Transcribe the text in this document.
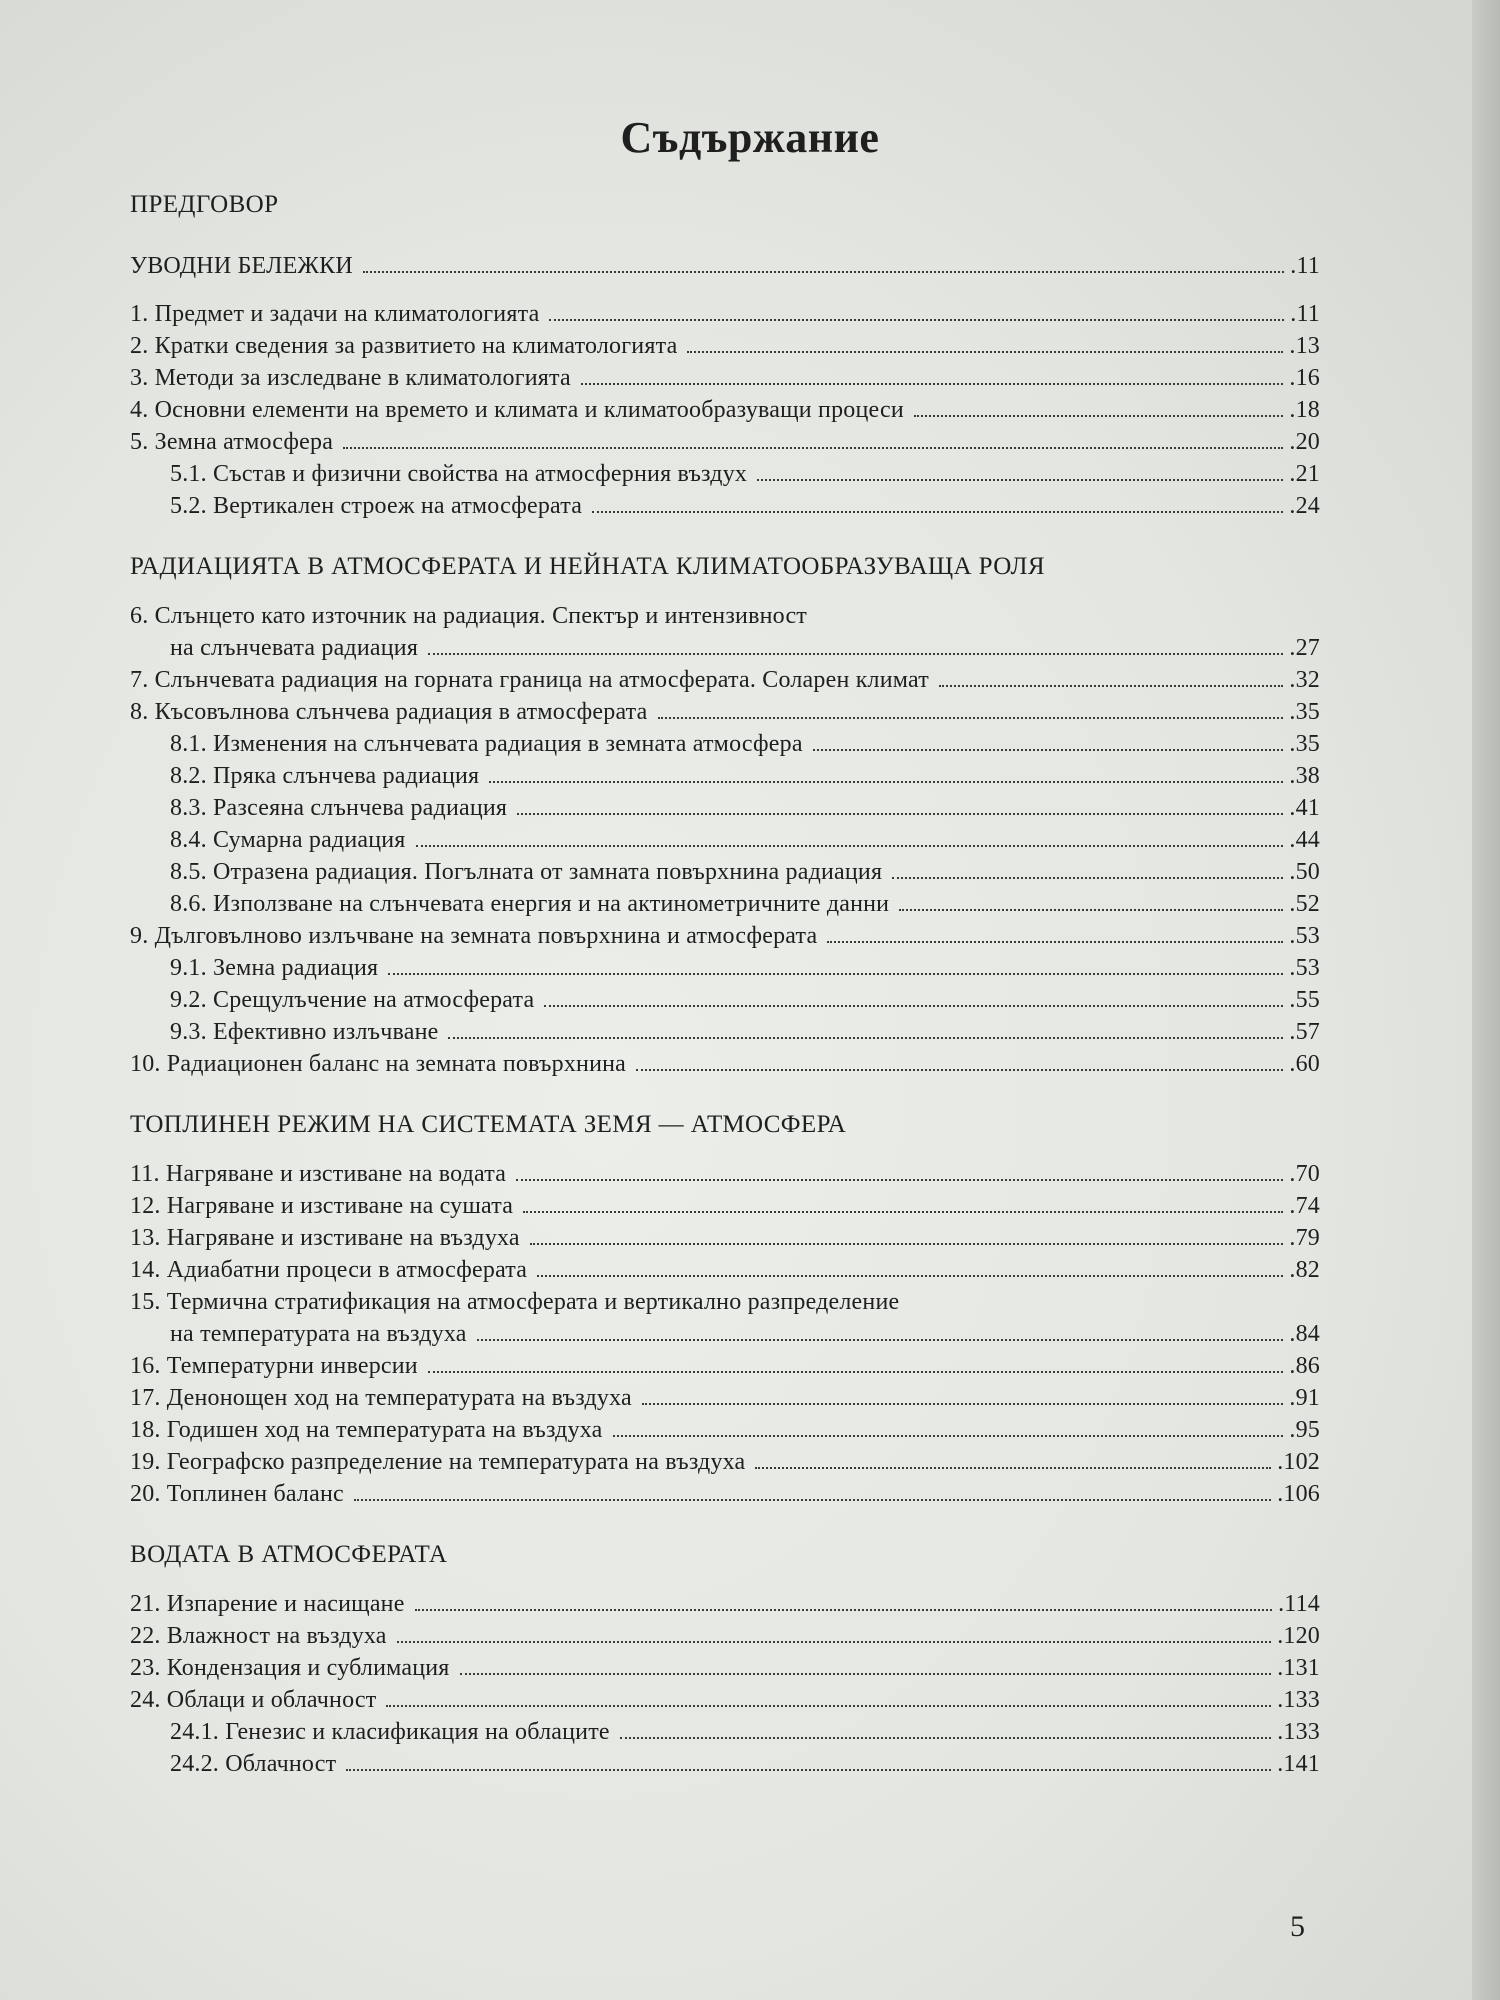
Съдържание
ПРЕДГОВОР
УВОДНИ БЕЛЕЖКИ	.11
1. Предмет и задачи на климатологията	.11
2. Кратки сведения за развитието на климатологията	.13
3. Методи за изследване в климатологията	.16
4. Основни елементи на времето и климата и климатообразуващи процеси	.18
5. Земна атмосфера	.20
5.1. Състав и физични свойства на атмосферния въздух	.21
5.2. Вертикален строеж на атмосферата	.24
РАДИАЦИЯТА В АТМОСФЕРАТА И НЕЙНАТА КЛИМАТООБРАЗУВАЩА РОЛЯ
6. Слънцето като източник на радиация. Спектър и интензивност
на слънчевата радиация	.27
7. Слънчевата радиация на горната граница на атмосферата. Соларен климат	.32
8. Късовълнова слънчева радиация в атмосферата	.35
8.1. Изменения на слънчевата радиация в земната атмосфера	.35
8.2. Пряка слънчева радиация	.38
8.3. Разсеяна слънчева радиация	.41
8.4. Сумарна радиация	.44
8.5. Отразена радиация. Погълната от замната повърхнина радиация	.50
8.6. Използване на слънчевата енергия и на актинометричните данни	.52
9. Дълговълново излъчване на земната повърхнина и атмосферата	.53
9.1. Земна радиация	.53
9.2. Срещулъчение на атмосферата	.55
9.3. Ефективно излъчване	.57
10. Радиационен баланс на земната повърхнина	.60
ТОПЛИНЕН РЕЖИМ НА СИСТЕМАТА ЗЕМЯ — АТМОСФЕРА
11. Нагряване и изстиване на водата	.70
12. Нагряване и изстиване на сушата	.74
13. Нагряване и изстиване на въздуха	.79
14. Адиабатни процеси в атмосферата	.82
15. Термична стратификация на атмосферата и вертикално разпределение
на температурата на въздуха	.84
16. Температурни инверсии	.86
17. Денонощен ход на температурата на въздуха	.91
18. Годишен ход на температурата на въздуха	.95
19. Географско разпределение на температурата на въздуха	.102
20. Топлинен баланс	.106
ВОДАТА В АТМОСФЕРАТА
21. Изпарение и насищане	.114
22. Влажност на въздуха	.120
23. Кондензация и сублимация	.131
24. Облаци и облачност	.133
24.1. Генезис и класификация на облаците	.133
24.2. Облачност	.141
5
